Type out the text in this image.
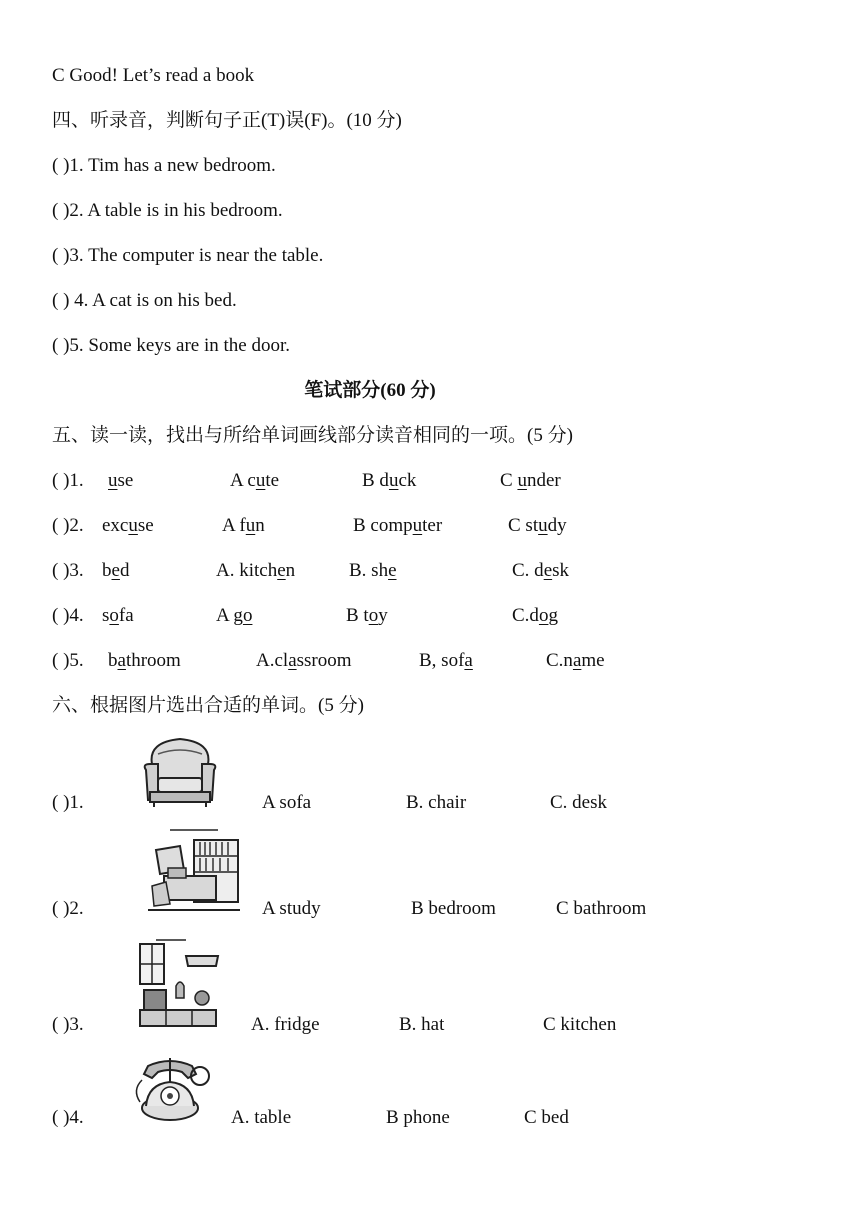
C Good! Let’s read a book
四、听录音，判断句子正(T)误(F)。(10 分)
( )1. Tim has a new bedroom.
( )2. A table is in his bedroom.
( )3. The computer is near the table.
( ) 4. A cat is on his bed.
( )5. Some keys are in the door.
笔试部分(60 分)
五、读一读，找出与所给单词画线部分读音相同的一项。(5 分)
( )1. use	A cute	B duck	C under
( )2. excuse	A fun	B computer	C study
( )3. bed	A. kitchen	B. she	C. desk
( )4. sofa	A go	B toy	C.dog
( )5. bathroom	A.classroom	B, sofa	C.name
六、根据图片选出合适的单词。(5 分)
( )1.	A sofa	B. chair	C. desk
( )2.	A study	B bedroom	C bathroom
( )3.	A. fridge	B. hat	C kitchen
( )4.	A. table	B phone	C bed
